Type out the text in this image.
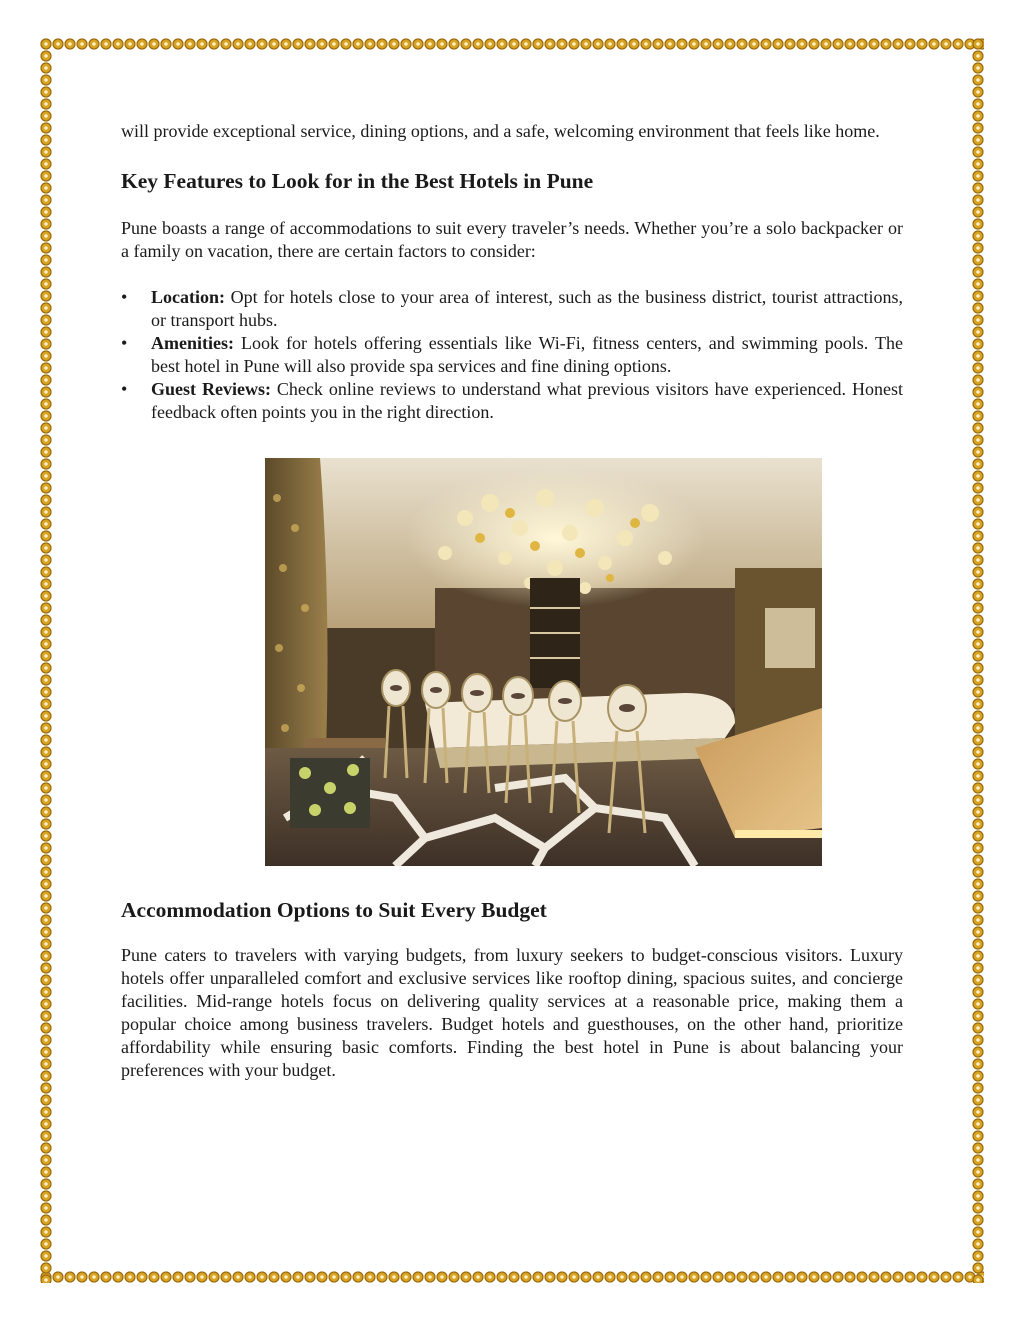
will provide exceptional service, dining options, and a safe, welcoming environment that feels like home.

Key Features to Look for in the Best Hotels in Pune

Pune boasts a range of accommodations to suit every traveler’s needs. Whether you’re a solo backpacker or a family on vacation, there are certain factors to consider:

• Location: Opt for hotels close to your area of interest, such as the business district, tourist attractions, or transport hubs.
• Amenities: Look for hotels offering essentials like Wi-Fi, fitness centers, and swimming pools. The best hotel in Pune will also provide spa services and fine dining options.
• Guest Reviews: Check online reviews to understand what previous visitors have experienced. Honest feedback often points you in the right direction.
Accommodation Options to Suit Every Budget

Pune caters to travelers with varying budgets, from luxury seekers to budget-conscious visitors. Luxury hotels offer unparalleled comfort and exclusive services like rooftop dining, spacious suites, and concierge facilities. Mid-range hotels focus on delivering quality services at a reasonable price, making them a popular choice among business travelers. Budget hotels and guesthouses, on the other hand, prioritize affordability while ensuring basic comforts. Finding the best hotel in Pune is about balancing your preferences with your budget.
